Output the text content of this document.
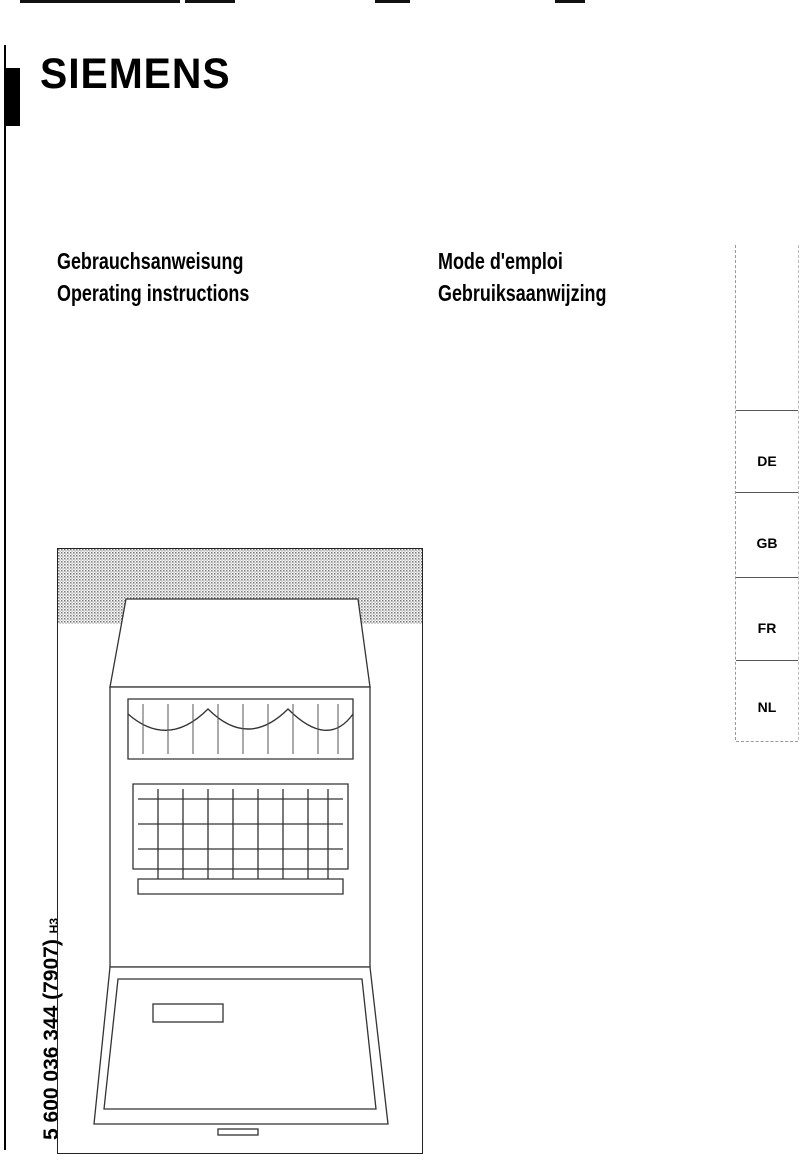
SIEMENS
Gebrauchsanweisung
Operating instructions
Mode d'emploi
Gebruiksaanwijzing
DE
GB
FR
NL
5 600 036 344 (7907) H3
